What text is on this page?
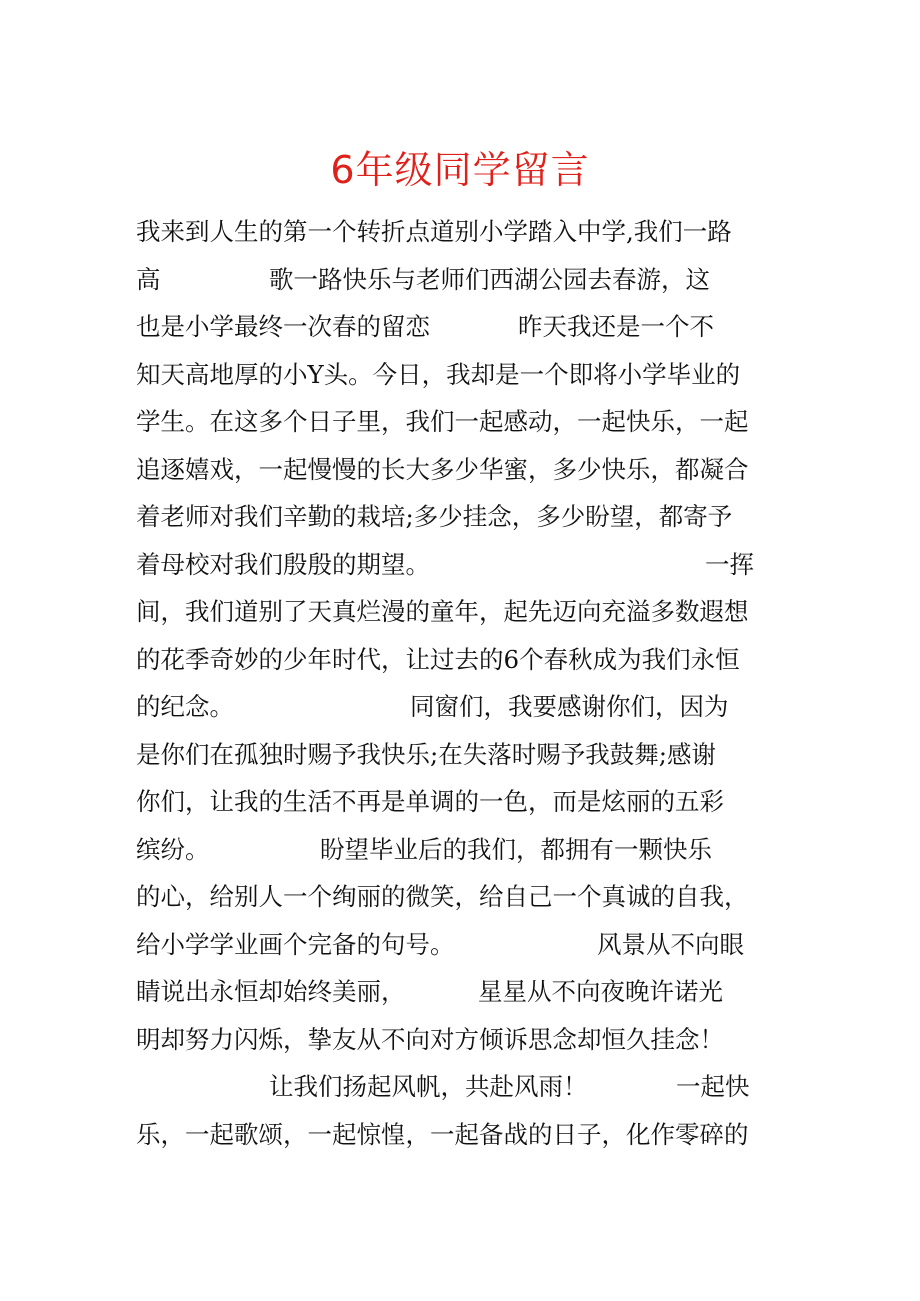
6年级同学留言
我来到人生的第一个转折点道别小学踏入中学,我们一路
高	歌一路快乐与老师们西湖公园去春游，这
也是小学最终一次春的留恋	昨天我还是一个不
知天高地厚的小Y头。今日，我却是一个即将小学毕业的
学生。在这多个日子里，我们一起感动，一起快乐，一起
追逐嬉戏，一起慢慢的长大多少华蜜，多少快乐，都凝合
着老师对我们辛勤的栽培;多少挂念，多少盼望，都寄予
着母校对我们殷殷的期望。	一挥
间，我们道别了天真烂漫的童年，起先迈向充溢多数遐想
的花季奇妙的少年时代，让过去的6个春秋成为我们永恒
的纪念。	同窗们，我要感谢你们，因为
是你们在孤独时赐予我快乐;在失落时赐予我鼓舞;感谢
你们，让我的生活不再是单调的一色，而是炫丽的五彩
缤纷。	盼望毕业后的我们，都拥有一颗快乐
的心，给别人一个绚丽的微笑，给自己一个真诚的自我，
给小学学业画个完备的句号。	风景从不向眼
睛说出永恒却始终美丽，	星星从不向夜晚许诺光
明却努力闪烁，挚友从不向对方倾诉思念却恒久挂念！
让我们扬起风帆，共赴风雨！	一起快
乐，一起歌颂，一起惊惶，一起备战的日子，化作零碎的
